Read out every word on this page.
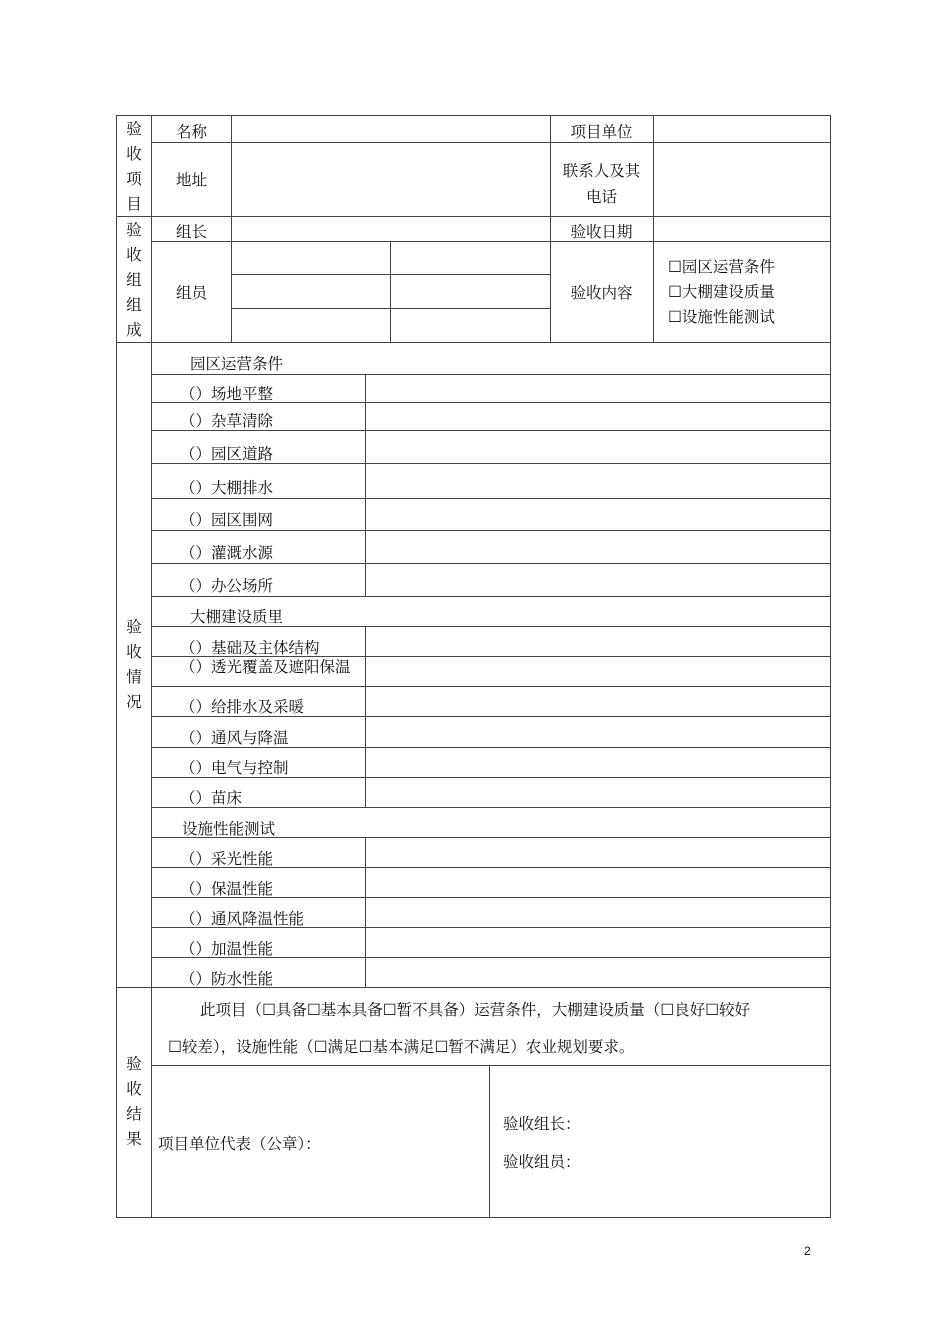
验收项目
名称	项目单位
地址	联系人及其
电话
验收组组成
组长	验收日期
组员	验收内容
☐园区运营条件
☐大棚建设质量
☐设施性能测试
验收情况
园区运营条件
（）场地平整
（）杂草清除
（）园区道路
（）大棚排水
（）园区围网
（）灌溉水源
（）办公场所
大棚建设质里
（）基础及主体结构
（）透光覆盖及遮阳保温
（）给排水及采暖
（）通风与降温
（）电气与控制
（）苗床
设施性能测试
（）采光性能
（）保温性能
（）通风降温性能
（）加温性能
（）防水性能
验收结果
此项目（☐具备☐基本具备☐暂不具备）运营条件，大棚建设质量（☐良好☐较好
☐较差），设施性能（☐满足☐基本满足☐暂不满足）农业规划要求。
项目单位代表（公章）：
验收组长：
验收组员：
2
